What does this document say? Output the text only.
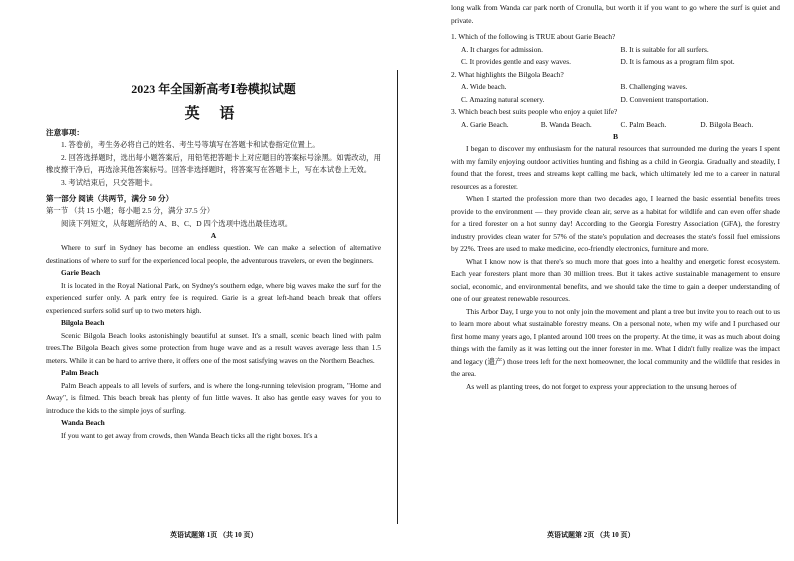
2023 年全国新高考Ⅰ卷模拟试题

英 语

注意事项：

1. 答卷前，考生务必将自己的姓名、考生号等填写在答题卡和试卷指定位置上。

2. 回答选择题时，选出每小题答案后，用铅笔把答题卡上对应题目的答案标号涂黑。如需改动，用橡皮擦干净后，再选涂其他答案标号。回答非选择题时，将答案写在答题卡上，写在本试卷上无效。

3. 考试结束后，只交答题卡。

第一部分 阅读（共两节，满分 50 分）

第一节 （共 15 小题；每小题 2.5 分，满分 37.5 分）

阅读下列短文，从每题所给的 A、B、C、D 四个选项中选出最佳选项。

A

Where to surf in Sydney has become an endless question. We can make a selection of alternative destinations of where to surf for the experienced local people, the adventurous travelers, or even the beginners.

Garie Beach

It is located in the Royal National Park, on Sydney's southern edge, where big waves make the surf for the experienced surfer only. A park entry fee is required. Garie is a great left-hand beach break that offers experienced surfers solid surf up to two meters high.

Bilgola Beach

Scenic Bilgola Beach looks astonishingly beautiful at sunset. It's a small, scenic beach lined with palm trees.The Bilgola Beach gives some protection from huge wave and as a result waves average less than 1.5 meters. While it can be hard to arrive there, it offers one of the most satisfying waves on the Northern Beaches.

Palm Beach

Palm Beach appeals to all levels of surfers, and is where the long-running television program, "Home and Away", is filmed. This beach break has plenty of fun little waves. It also has gentle easy waves for you to introduce the kids to the simple joys of surfing.

Wanda Beach

If you want to get away from crowds, then Wanda Beach ticks all the right boxes. It's a

long walk from Wanda car park north of Cronulla, but worth it if you want to go where the surf is quiet and private.

1. Which of the following is TRUE about Garie Beach?

A. It charges for admission.	B. It is suitable for all surfers.
C. It provides gentle and easy waves.	D. It is famous as a program film spot.

2. What highlights the Bilgola Beach?

A. Wide beach.	B. Challenging waves.
C. Amazing natural scenery.	D. Convenient transportation.

3. Which beach best suits people who enjoy a quiet life?

A. Garie Beach.	B. Wanda Beach.	C. Palm Beach.	D. Bilgola Beach.

B

I began to discover my enthusiasm for the natural resources that surrounded me during the years I spent with my family enjoying outdoor activities hunting and fishing as a child in Georgia. Gradually and steadily, I found that the forest, trees and streams kept calling me back, which ultimately led me to a career in natural resources as a forester.

When I started the profession more than two decades ago, I learned the basic essential benefits trees provide to the environment — they provide clean air, serve as a habitat for wildlife and can even offer shade for a tired forester on a hot sunny day! According to the Georgia Forestry Association (GFA), the forestry industry provides clean water for 57% of the state's population and decreases the state's fossil fuel emissions by 22%. Trees are used to make medicine, eco-friendly electronics, furniture and more.

What I know now is that there's so much more that goes into a healthy and energetic forest ecosystem. Each year foresters plant more than 30 million trees. But it takes active sustainable management to ensure social, economic, and environmental benefits, and we should take the time to gain a deeper understanding of one of our greatest renewable resources.

This Arbor Day, I urge you to not only join the movement and plant a tree but invite you to reach out to us to learn more about what sustainable forestry means. On a personal note, when my wife and I purchased our first home many years ago, I planted around 100 trees on the property. At the time, it was as much about doing things with the family as it was letting out the inner forester in me. What I didn't fully realize was the impact and legacy (遗产) those trees left for the next homeowner, the local community and the wildlife that resides in the area.

As well as planting trees, do not forget to express your appreciation to the unsung heroes of

英语试题第 1页 （共 10 页）	英语试题第 2页 （共 10 页）
